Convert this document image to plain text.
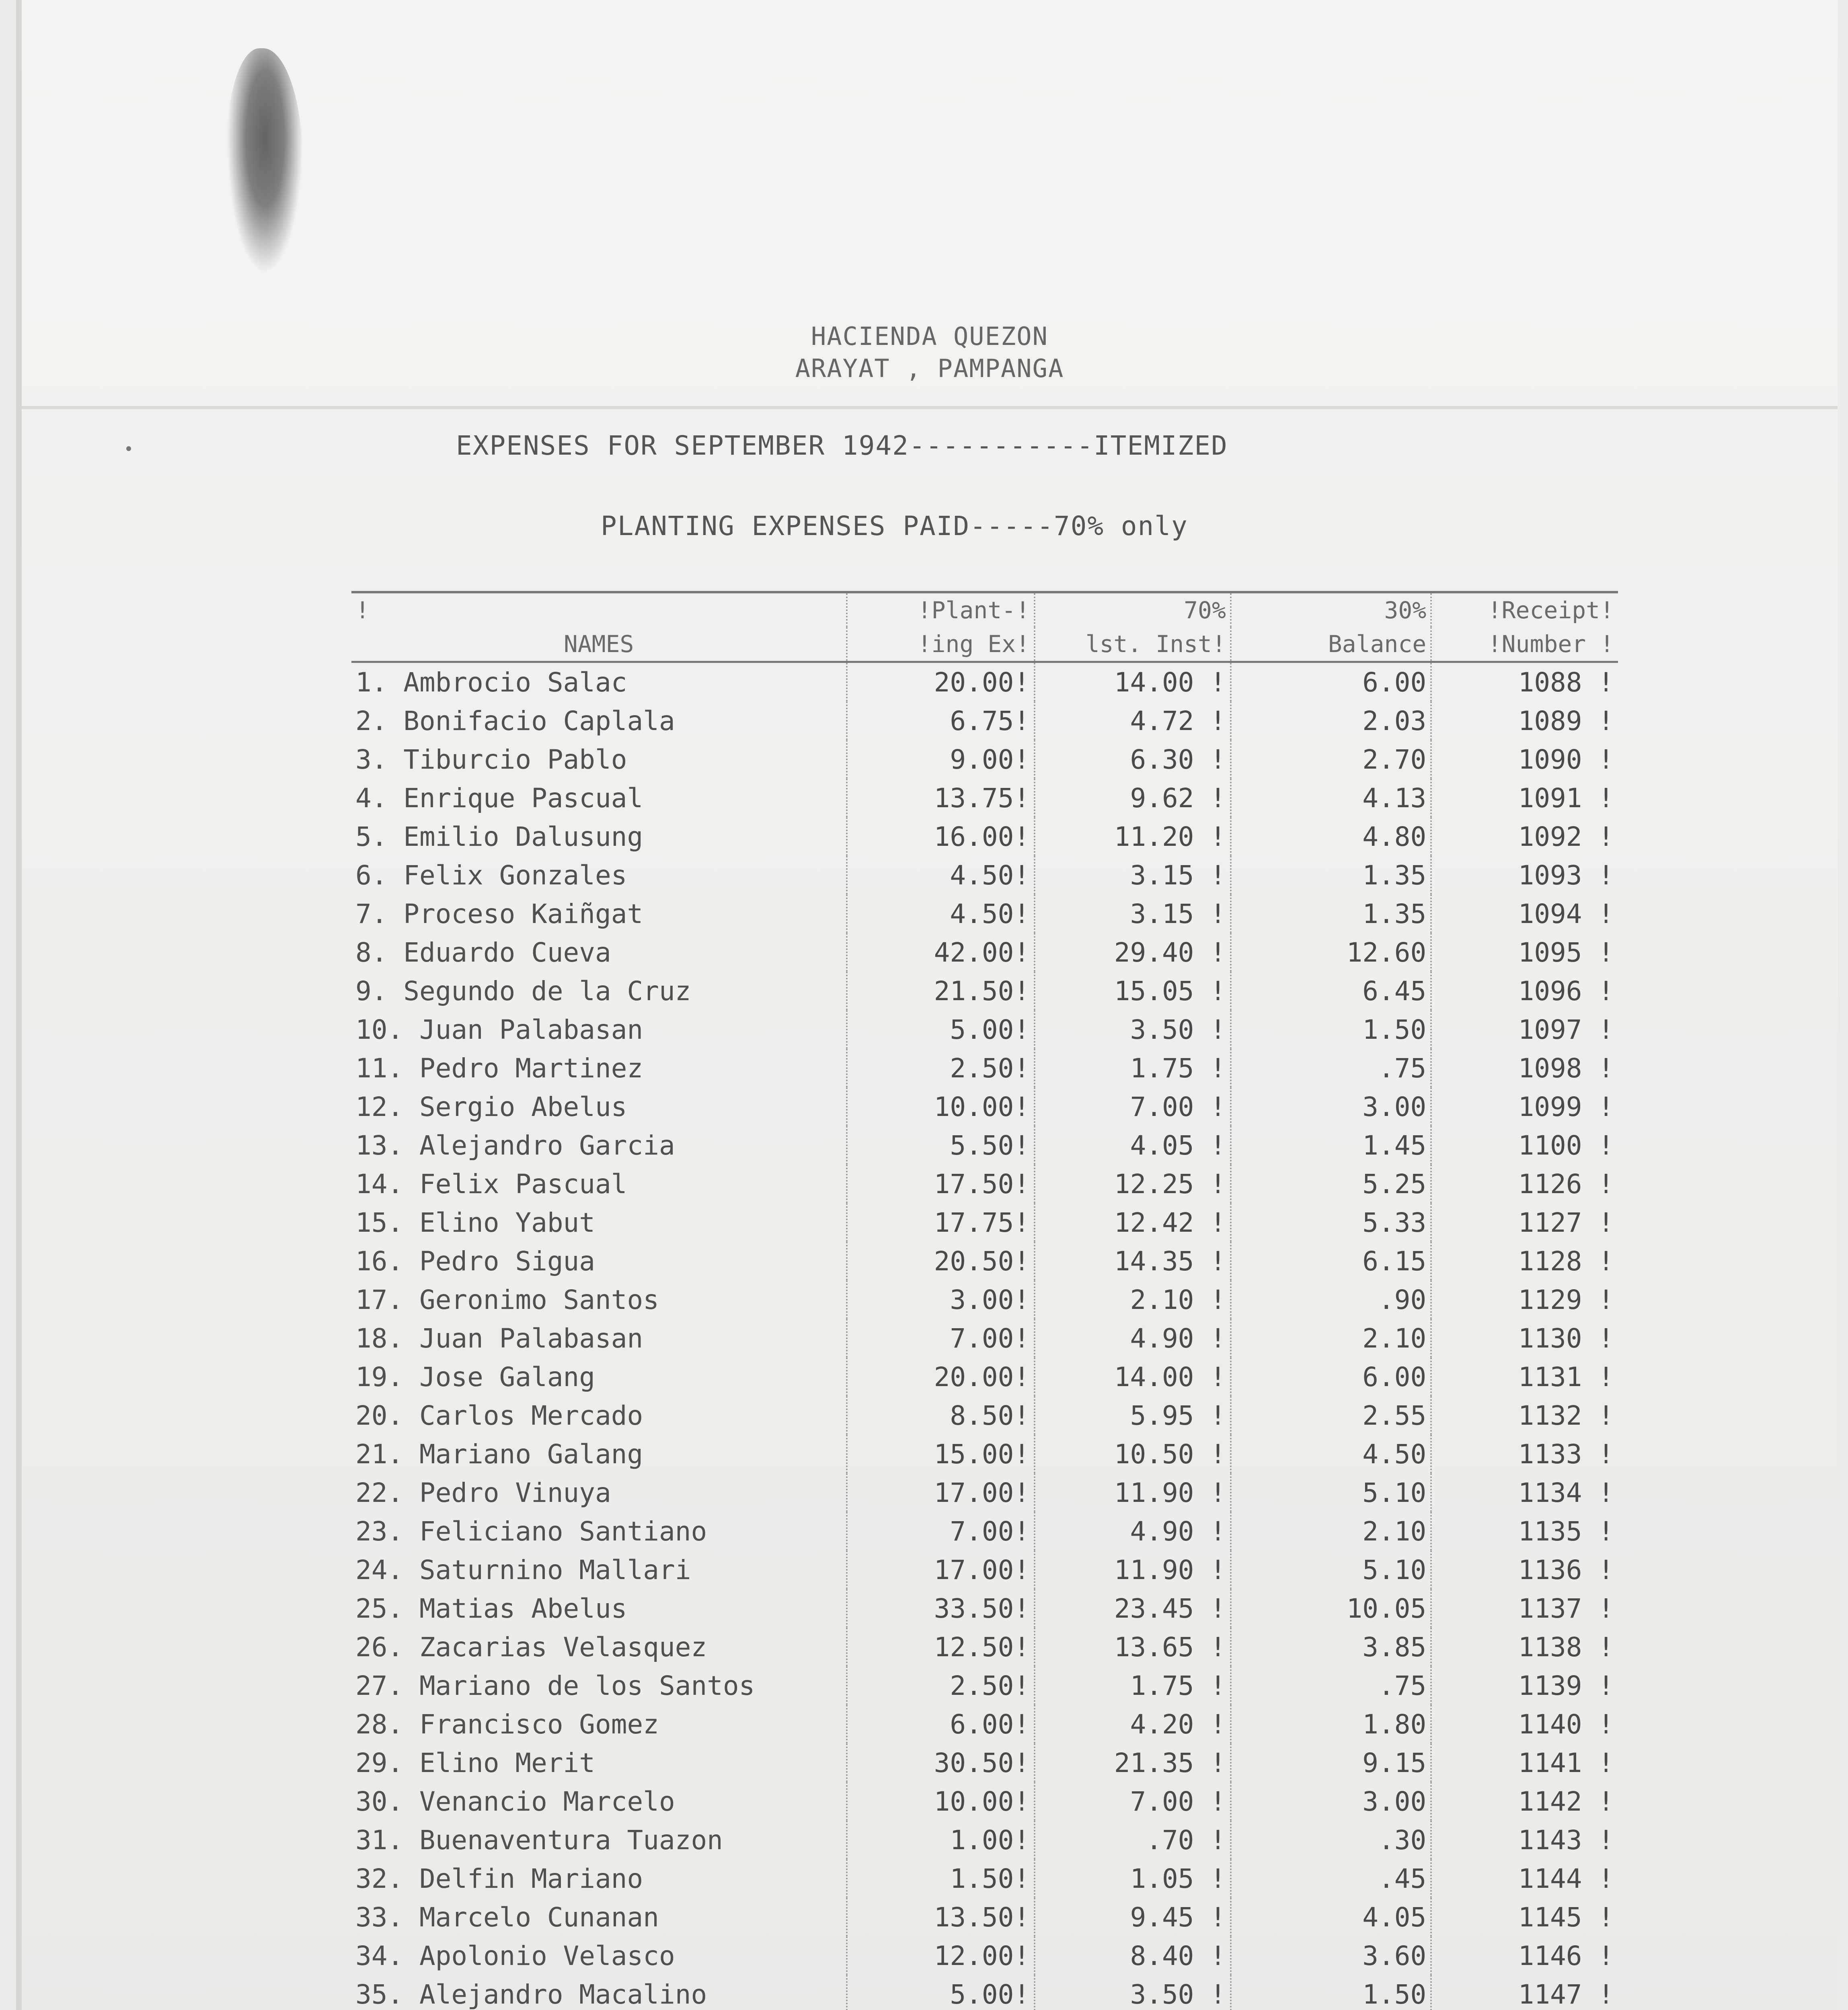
HACIENDA QUEZON
ARAYAT , PAMPANGA
EXPENSES FOR SEPTEMBER 1942-----------ITEMIZED
PLANTING EXPENSES PAID-----70% only
!	!Plant-!	70%	30%	!Receipt!
NAMES	!ing Ex!	lst. Inst!	Balance	!Number !
1. Ambrocio Salac	20.00!	14.00 !	6.00	1088 !
2. Bonifacio Caplala	6.75!	4.72 !	2.03	1089 !
3. Tiburcio Pablo	9.00!	6.30 !	2.70	1090 !
4. Enrique Pascual	13.75!	9.62 !	4.13	1091 !
5. Emilio Dalusung	16.00!	11.20 !	4.80	1092 !
6. Felix Gonzales	4.50!	3.15 !	1.35	1093 !
7. Proceso Kaiñgat	4.50!	3.15 !	1.35	1094 !
8. Eduardo Cueva	42.00!	29.40 !	12.60	1095 !
9. Segundo de la Cruz	21.50!	15.05 !	6.45	1096 !
10. Juan Palabasan	5.00!	3.50 !	1.50	1097 !
11. Pedro Martinez	2.50!	1.75 !	.75	1098 !
12. Sergio Abelus	10.00!	7.00 !	3.00	1099 !
13. Alejandro Garcia	5.50!	4.05 !	1.45	1100 !
14. Felix Pascual	17.50!	12.25 !	5.25	1126 !
15. Elino Yabut	17.75!	12.42 !	5.33	1127 !
16. Pedro Sigua	20.50!	14.35 !	6.15	1128 !
17. Geronimo Santos	3.00!	2.10 !	.90	1129 !
18. Juan Palabasan	7.00!	4.90 !	2.10	1130 !
19. Jose Galang	20.00!	14.00 !	6.00	1131 !
20. Carlos Mercado	8.50!	5.95 !	2.55	1132 !
21. Mariano Galang	15.00!	10.50 !	4.50	1133 !
22. Pedro Vinuya	17.00!	11.90 !	5.10	1134 !
23. Feliciano Santiano	7.00!	4.90 !	2.10	1135 !
24. Saturnino Mallari	17.00!	11.90 !	5.10	1136 !
25. Matias Abelus	33.50!	23.45 !	10.05	1137 !
26. Zacarias Velasquez	12.50!	13.65 !	3.85	1138 !
27. Mariano de los Santos	2.50!	1.75 !	.75	1139 !
28. Francisco Gomez	6.00!	4.20 !	1.80	1140 !
29. Elino Merit	30.50!	21.35 !	9.15	1141 !
30. Venancio Marcelo	10.00!	7.00 !	3.00	1142 !
31. Buenaventura Tuazon	1.00!	.70 !	.30	1143 !
32. Delfin Mariano	1.50!	1.05 !	.45	1144 !
33. Marcelo Cunanan	13.50!	9.45 !	4.05	1145 !
34. Apolonio Velasco	12.00!	8.40 !	3.60	1146 !
35. Alejandro Macalino	5.00!	3.50 !	1.50	1147 !
